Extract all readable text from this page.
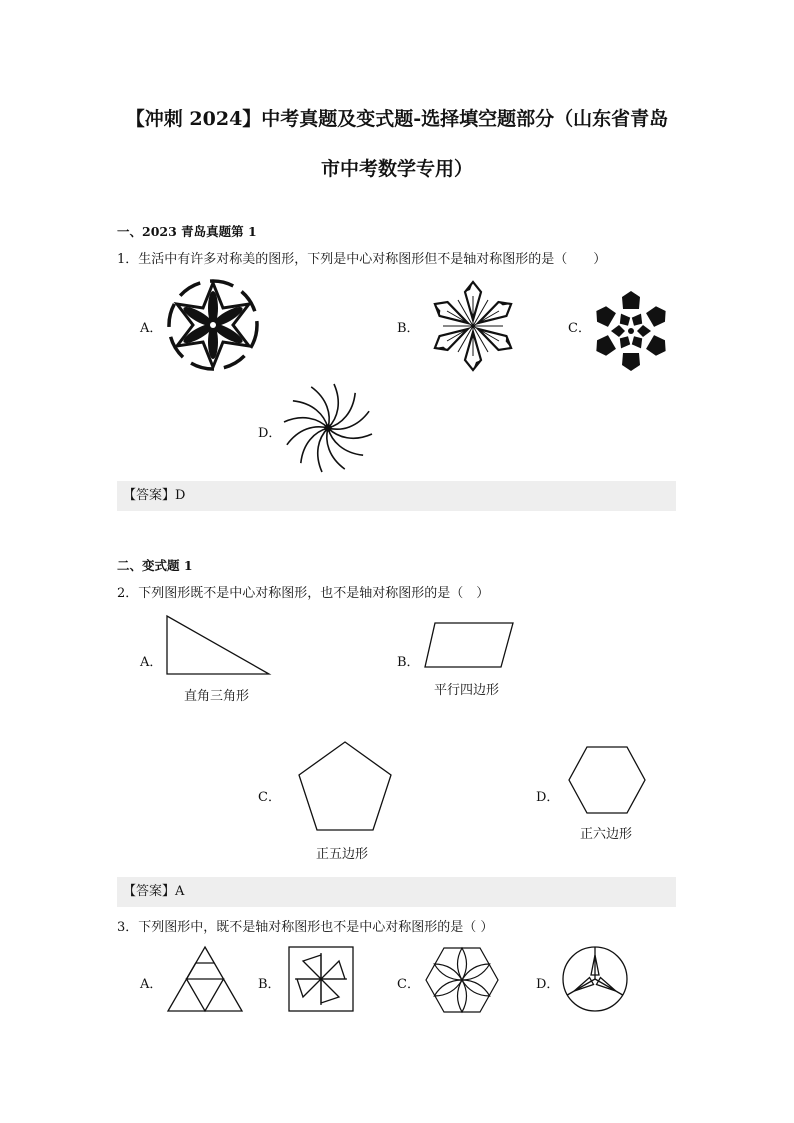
【冲刺 2024】中考真题及变式题-选择填空题部分（山东省青岛
市中考数学专用）
一、2023 青岛真题第 1
1．生活中有许多对称美的图形，下列是中心对称图形但不是轴对称图形的是（　　）
A．	B．	C．
D．
【答案】D
二、变式题 1
2．下列图形既不是中心对称图形，也不是轴对称图形的是（　）
A．
直角三角形
B．
平行四边形
C．
正五边形
D．
正六边形
【答案】A
3．下列图形中，既不是轴对称图形也不是中心对称图形的是（ ）
A．	B．	C．	D．
